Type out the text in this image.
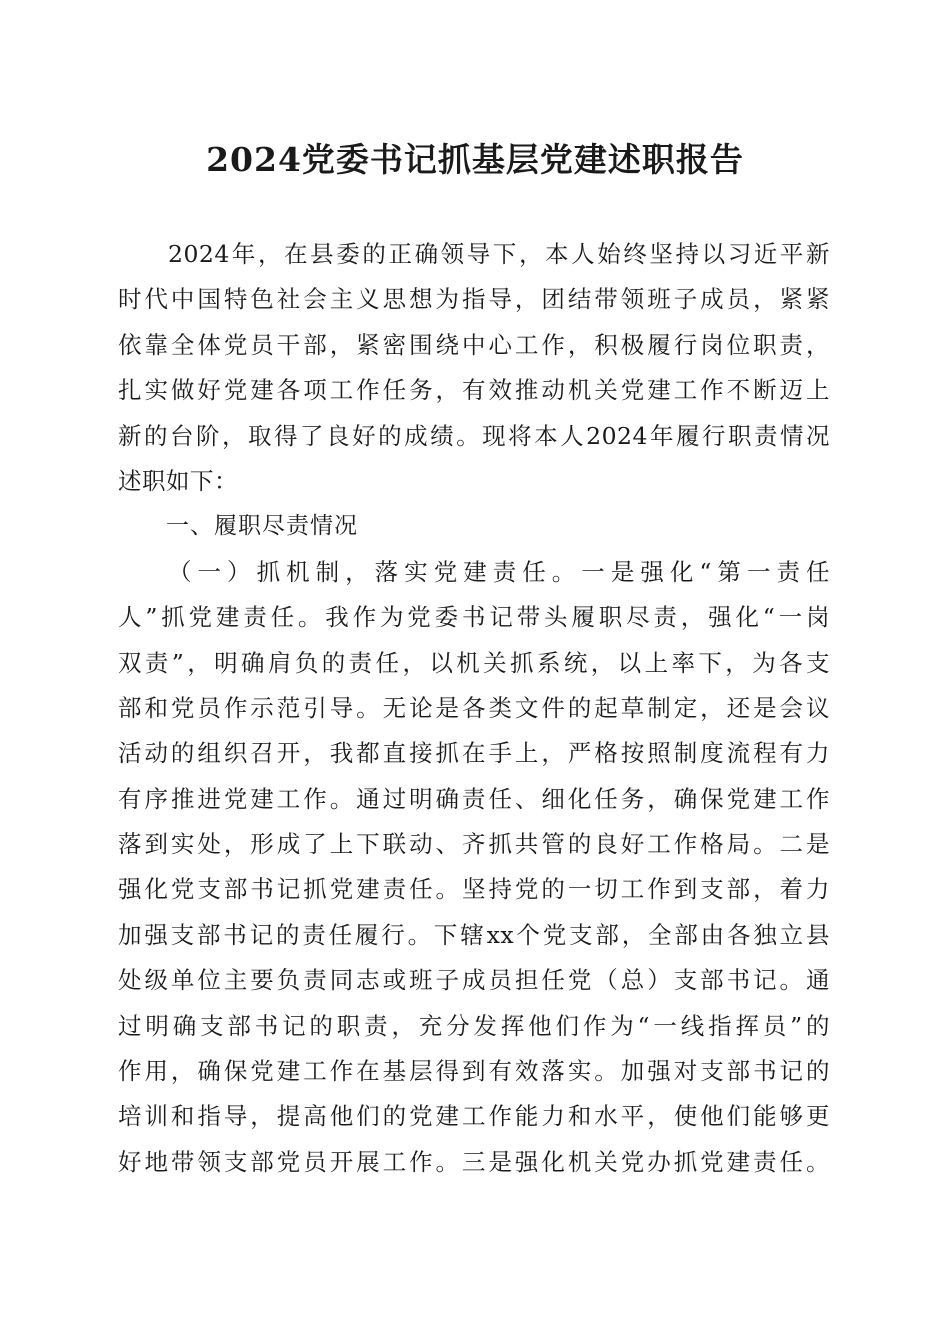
2024党委书记抓基层党建述职报告
2024年，在县委的正确领导下，本人始终坚持以习近平新
时代中国特色社会主义思想为指导，团结带领班子成员，紧紧
依靠全体党员干部，紧密围绕中心工作，积极履行岗位职责，
扎实做好党建各项工作任务，有效推动机关党建工作不断迈上
新的台阶，取得了良好的成绩。现将本人2024年履行职责情况
述职如下：
一、履职尽责情况
（一）抓机制，落实党建责任。一是强化“第一责任
人”抓党建责任。我作为党委书记带头履职尽责，强化“一岗
双责”，明确肩负的责任，以机关抓系统，以上率下，为各支
部和党员作示范引导。无论是各类文件的起草制定，还是会议
活动的组织召开，我都直接抓在手上，严格按照制度流程有力
有序推进党建工作。通过明确责任、细化任务，确保党建工作
落到实处，形成了上下联动、齐抓共管的良好工作格局。二是
强化党支部书记抓党建责任。坚持党的一切工作到支部，着力
加强支部书记的责任履行。下辖xx个党支部，全部由各独立县
处级单位主要负责同志或班子成员担任党（总）支部书记。通
过明确支部书记的职责，充分发挥他们作为“一线指挥员”的
作用，确保党建工作在基层得到有效落实。加强对支部书记的
培训和指导，提高他们的党建工作能力和水平，使他们能够更
好地带领支部党员开展工作。三是强化机关党办抓党建责任。
